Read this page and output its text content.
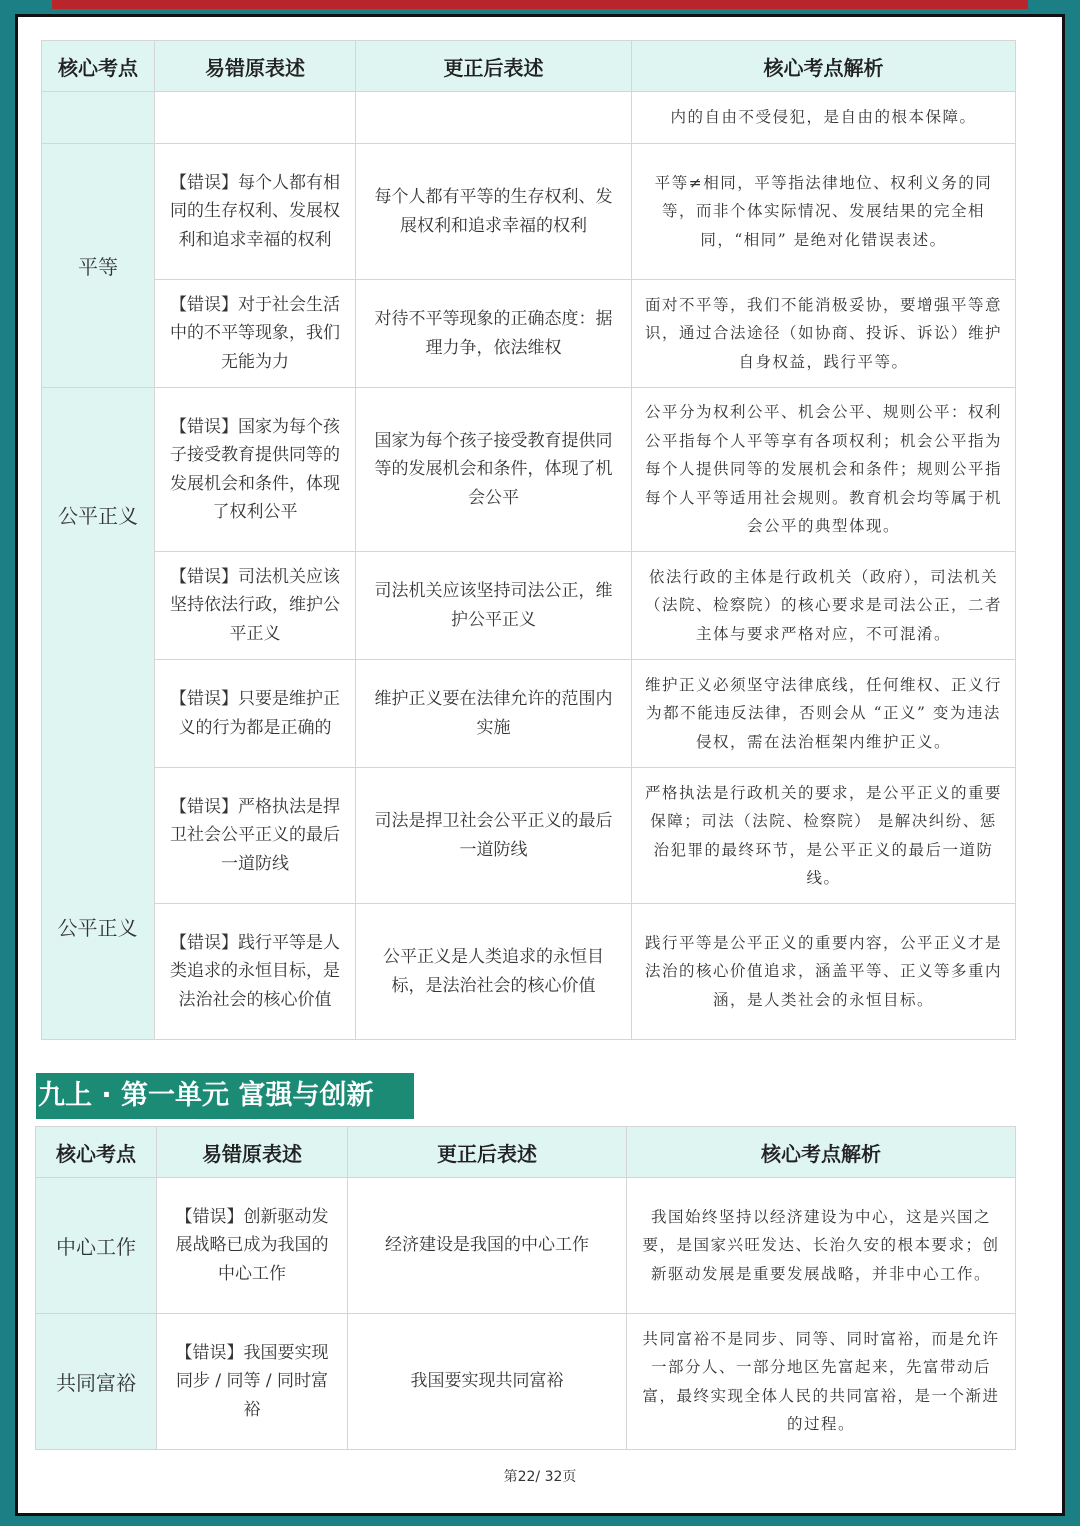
核心考点	易错原表述	更正后表述	核心考点解析
			内的自由不受侵犯，是自由的根本保障。
平等	【错误】每个人都有相同的生存权利、发展权利和追求幸福的权利	每个人都有平等的生存权利、发展权利和追求幸福的权利	平等≠相同，平等指法律地位、权利义务的同等，而非个体实际情况、发展结果的完全相同，“相同” 是绝对化错误表述。
	【错误】对于社会生活中的不平等现象，我们无能为力	对待不平等现象的正确态度：据理力争，依法维权	面对不平等，我们不能消极妥协，要增强平等意识，通过合法途径（如协商、投诉、诉讼）维护自身权益，践行平等。
公平正义	【错误】国家为每个孩子接受教育提供同等的发展机会和条件，体现了权利公平	国家为每个孩子接受教育提供同等的发展机会和条件，体现了机会公平	公平分为权利公平、机会公平、规则公平：权利公平指每个人平等享有各项权利；机会公平指为每个人提供同等的发展机会和条件；规则公平指每个人平等适用社会规则。教育机会均等属于机会公平的典型体现。
	【错误】司法机关应该坚持依法行政，维护公平正义	司法机关应该坚持司法公正，维护公平正义	依法行政的主体是行政机关（政府），司法机关（法院、检察院）的核心要求是司法公正，二者主体与要求严格对应，不可混淆。
	【错误】只要是维护正义的行为都是正确的	维护正义要在法律允许的范围内实施	维护正义必须坚守法律底线，任何维权、正义行为都不能违反法律，否则会从 “正义” 变为违法侵权，需在法治框架内维护正义。
	【错误】严格执法是捍卫社会公平正义的最后一道防线	司法是捍卫社会公平正义的最后一道防线	严格执法是行政机关的要求，是公平正义的重要保障；司法（法院、检察院） 是解决纠纷、惩治犯罪的最终环节，是公平正义的最后一道防线。
	【错误】践行平等是人类追求的永恒目标，是法治社会的核心价值	公平正义是人类追求的永恒目标，是法治社会的核心价值	践行平等是公平正义的重要内容，公平正义才是法治的核心价值追求，涵盖平等、正义等多重内涵，是人类社会的永恒目标。
公平正义
九上 · 第一单元 富强与创新
核心考点	易错原表述	更正后表述	核心考点解析
中心工作	【错误】创新驱动发展战略已成为我国的中心工作	经济建设是我国的中心工作	我国始终坚持以经济建设为中心，这是兴国之要，是国家兴旺发达、长治久安的根本要求；创新驱动发展是重要发展战略，并非中心工作。
共同富裕	【错误】我国要实现同步 / 同等 / 同时富裕	我国要实现共同富裕	共同富裕不是同步、同等、同时富裕，而是允许一部分人、一部分地区先富起来，先富带动后富，最终实现全体人民的共同富裕，是一个渐进的过程。
第22/ 32页
